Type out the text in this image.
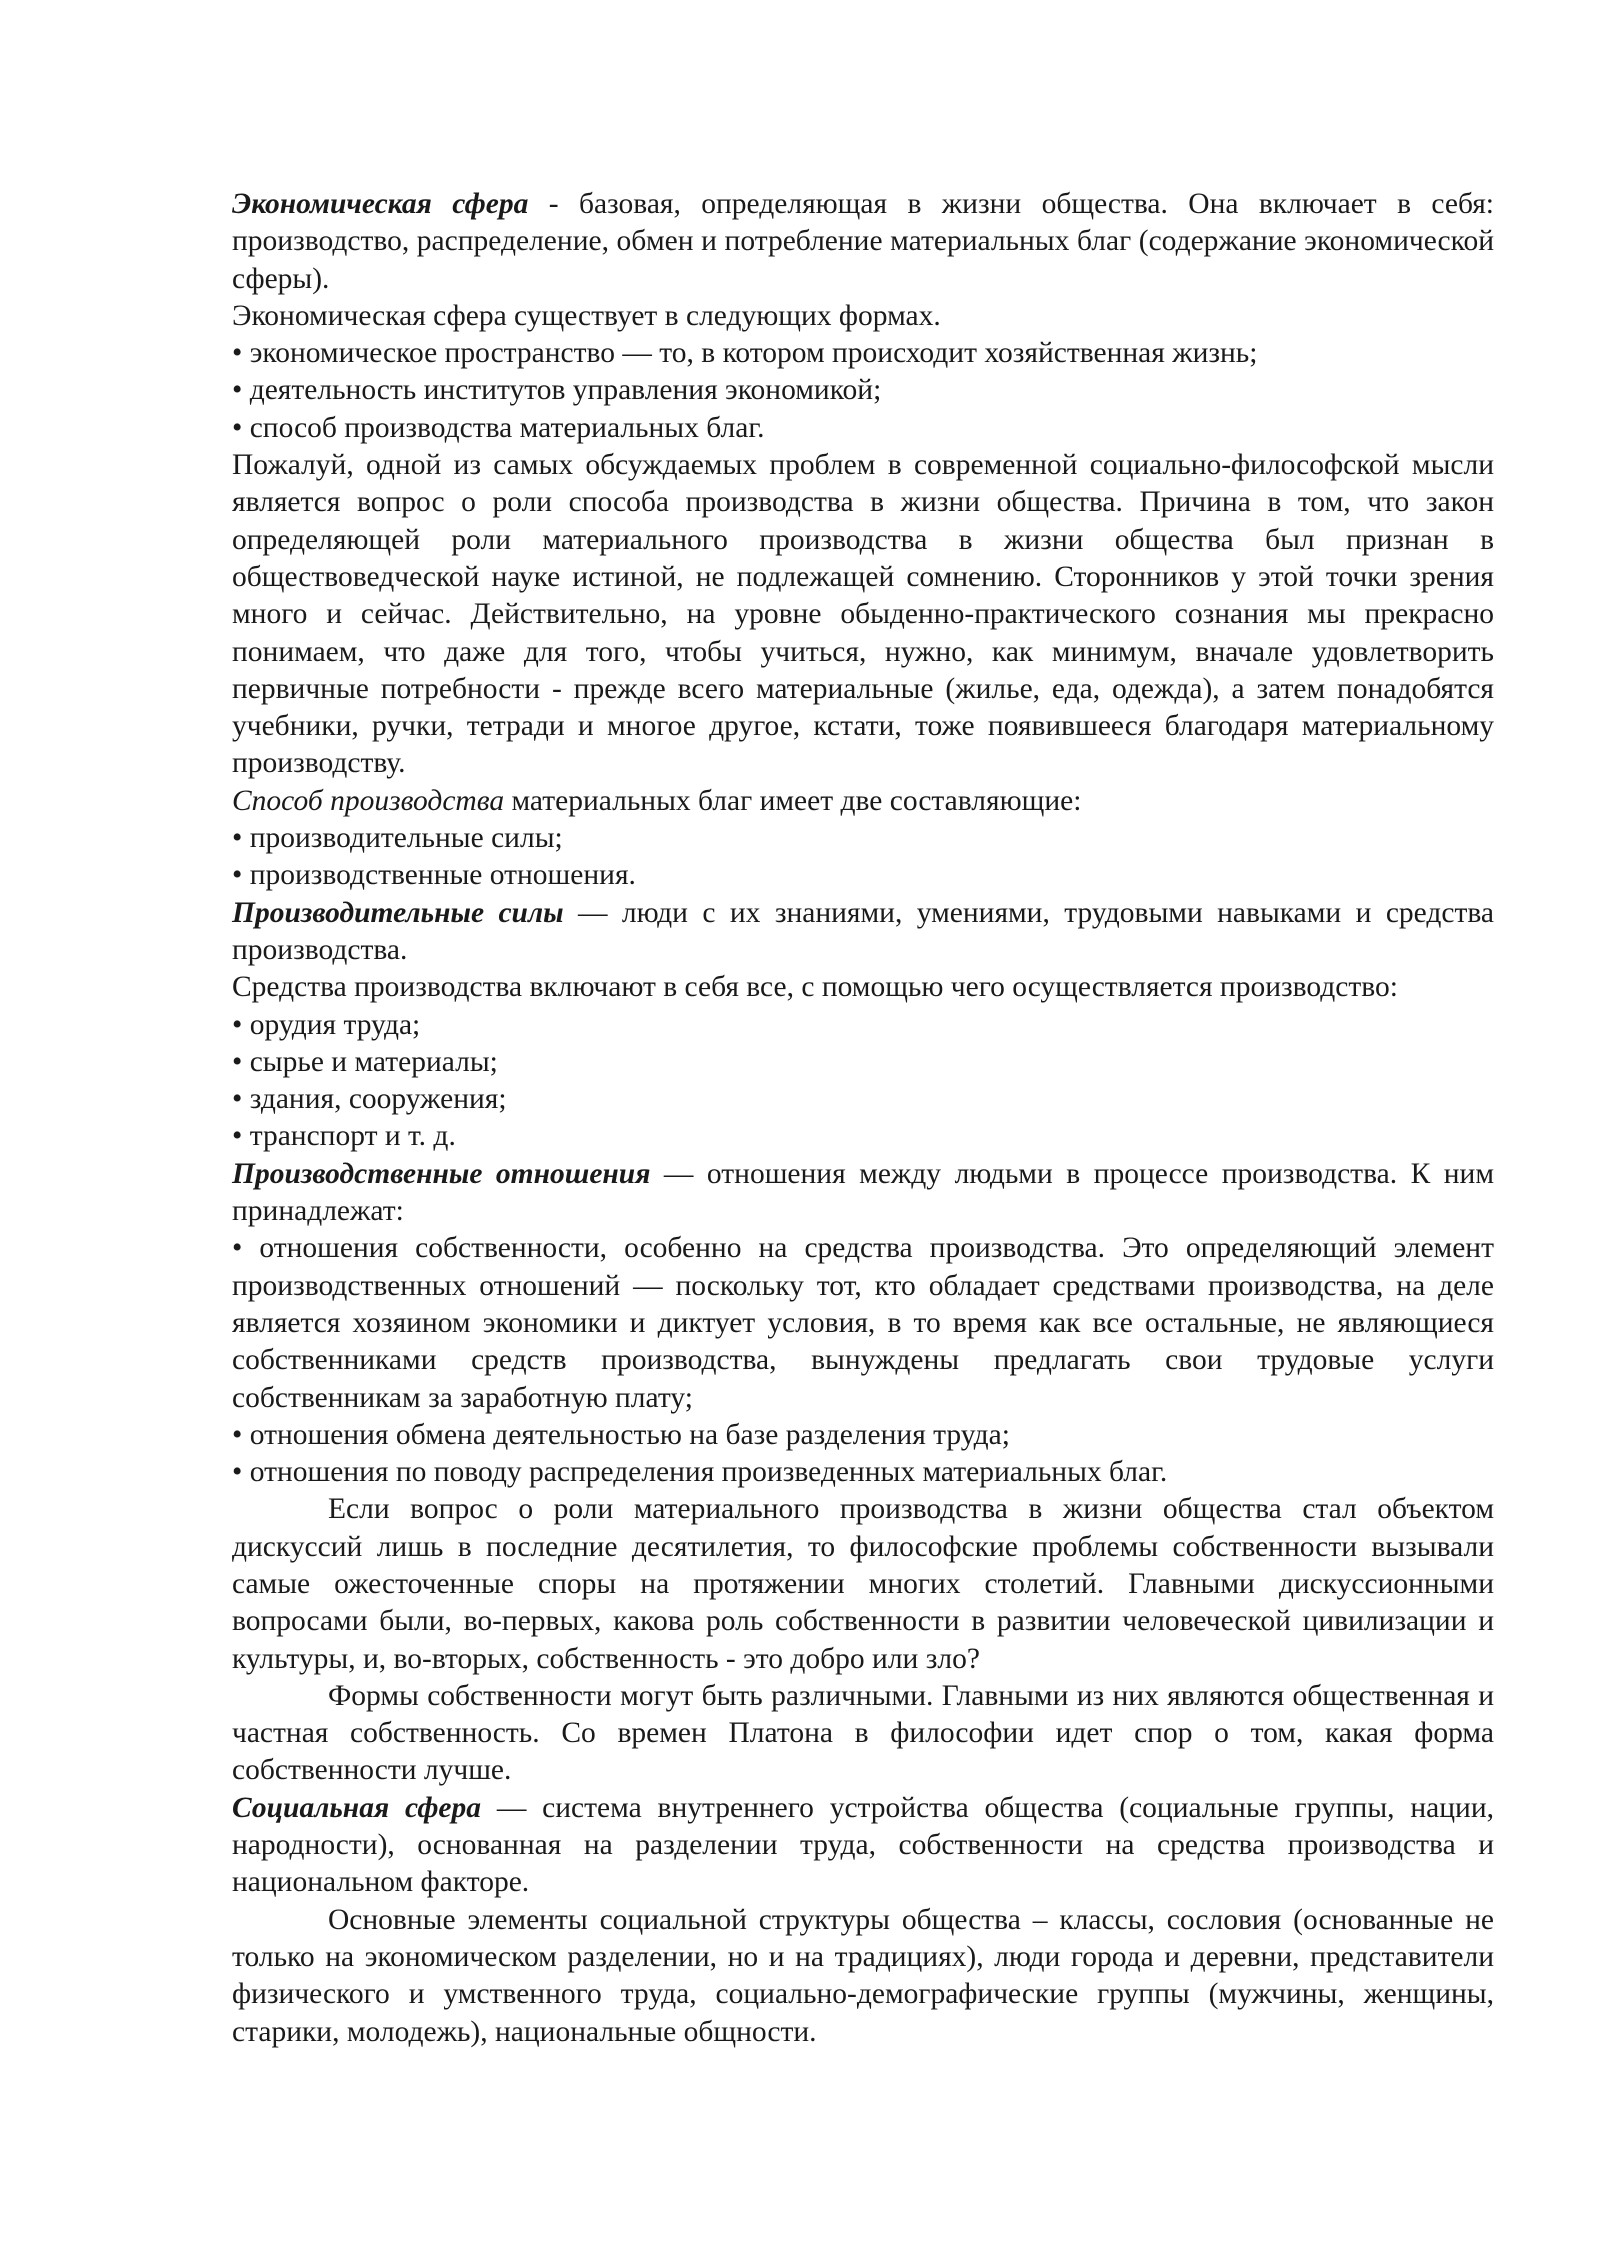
Экономическая сфера - базовая, определяющая в жизни общества. Она включает в себя: производство, распределение, обмен и потребление материальных благ (содержание экономической сферы).

Экономическая сфера существует в следующих формах.

• экономическое пространство — то, в котором происходит хозяйственная жизнь;

• деятельность институтов управления экономикой;

• способ производства материальных благ.

Пожалуй, одной из самых обсуждаемых проблем в современной социально-философской мысли является вопрос о роли способа производства в жизни общества. Причина в том, что закон определяющей роли материального производства в жизни общества был признан в обществоведческой науке истиной, не подлежащей сомнению. Сторонников у этой точки зрения много и сейчас. Действительно, на уровне обыденно-практического сознания мы прекрасно понимаем, что даже для того, чтобы учиться, нужно, как минимум, вначале удовлетворить первичные потребности - прежде всего материальные (жилье, еда, одежда), а затем понадобятся учебники, ручки, тетради и многое другое, кстати, тоже появившееся благодаря материальному производству.

Способ производства материальных благ имеет две составляющие:

• производительные силы;

• производственные отношения.

Производительные силы — люди с их знаниями, умениями, трудовыми навыками и средства производства.

Средства производства включают в себя все, с помощью чего осуществляется производство:

• орудия труда;

• сырье и материалы;

• здания, сооружения;

• транспорт и т. д.

Производственные отношения — отношения между людьми в процессе производства. К ним принадлежат:

• отношения собственности, особенно на средства производства. Это определяющий элемент производственных отношений — поскольку тот, кто обладает средствами производства, на деле является хозяином экономики и диктует условия, в то время как все остальные, не являющиеся собственниками средств производства, вынуждены предлагать свои трудовые услуги собственникам за заработную плату;

• отношения обмена деятельностью на базе разделения труда;

• отношения по поводу распределения произведенных материальных благ.

Если вопрос о роли материального производства в жизни общества стал объектом дискуссий лишь в последние десятилетия, то философские проблемы собственности вызывали самые ожесточенные споры на протяжении многих столетий. Главными дискуссионными вопросами были, во-первых, какова роль собственности в развитии человеческой цивилизации и культуры, и, во-вторых, собственность - это добро или зло?

Формы собственности могут быть различными. Главными из них являются общественная и частная собственность. Со времен Платона в философии идет спор о том, какая форма собственности лучше.

Социальная сфера — система внутреннего устройства общества (социальные группы, нации, народности), основанная на разделении труда, собственности на средства производства и национальном факторе.

Основные элементы социальной структуры общества – классы, сословия (основанные не только на экономическом разделении, но и на традициях), люди города и деревни, представители физического и умственного труда, социально-демографические группы (мужчины, женщины, старики, молодежь), национальные общности.
